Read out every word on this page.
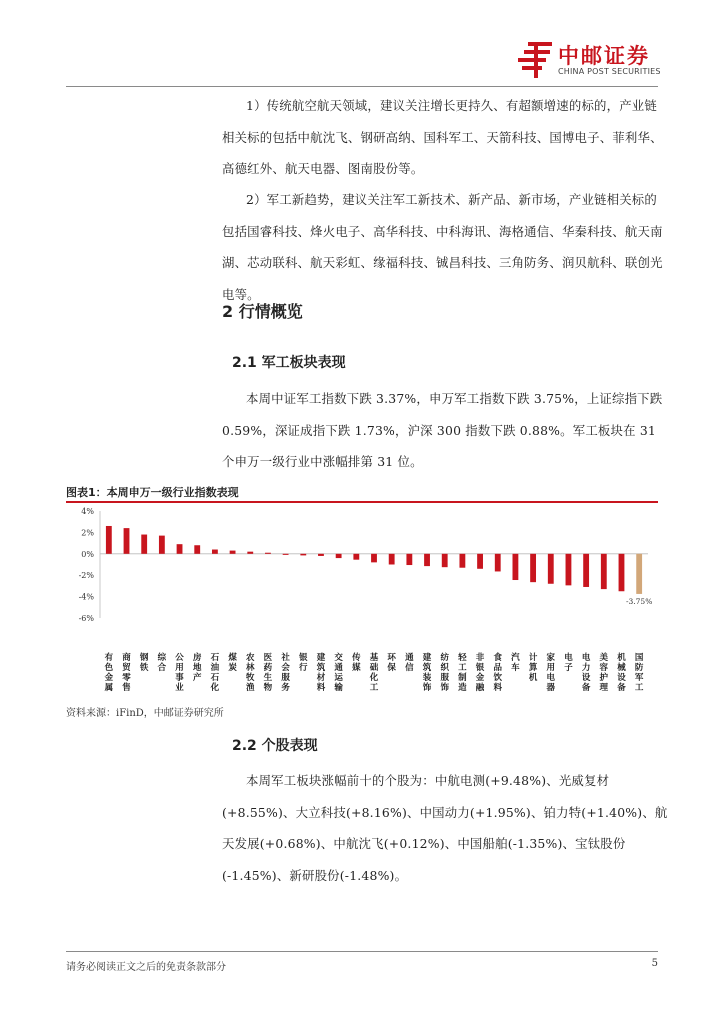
中邮证券
CHINA POST SECURITIES

1）传统航空航天领域，建议关注增长更持久、有超额增速的标的，产业链相关标的包括中航沈飞、钢研高纳、国科军工、天箭科技、国博电子、菲利华、高德红外、航天电器、图南股份等。

2）军工新趋势，建议关注军工新技术、新产品、新市场，产业链相关标的包括国睿科技、烽火电子、高华科技、中科海讯、海格通信、华秦科技、航天南湖、芯动联科、航天彩虹、缘福科技、铖昌科技、三角防务、润贝航科、联创光电等。

2 行情概览
2.1 军工板块表现

本周中证军工指数下跌 3.37%，申万军工指数下跌 3.75%，上证综指下跌 0.59%，深证成指下跌 1.73%，沪深 300 指数下跌 0.88%。军工板块在 31 个申万一级行业中涨幅排第 31 位。

图表1：本周申万一级行业指数表现
4%
2%
0%
-2%
-4%
-6%
有
色
金
属
商
贸
零
售
钢
铁
综
合
公
用
事
业
房
地
产
石
油
石
化
煤
炭
农
林
牧
渔
医
药
生
物
社
会
服
务
银
行
建
筑
材
料
交
通
运
输
传
媒
基
础
化
工
环
保
通
信
建
筑
装
饰
纺
织
服
饰
轻
工
制
造
非
银
金
融
食
品
饮
料
汽
车
计
算
机
家
用
电
器
电
子
电
力
设
备
美
容
护
理
机
械
设
备
国
防
军
工
-3.75%
资料来源：iFinD，中邮证券研究所
2.2 个股表现

本周军工板块涨幅前十的个股为：中航电测(+9.48%)、光威复材(+8.55%)、大立科技(+8.16%)、中国动力(+1.95%)、铂力特(+1.40%)、航天发展(+0.68%)、中航沈飞(+0.12%)、中国船舶(-1.35%)、宝钛股份(-1.45%)、新研股份(-1.48%)。

请务必阅读正文之后的免责条款部分	5
